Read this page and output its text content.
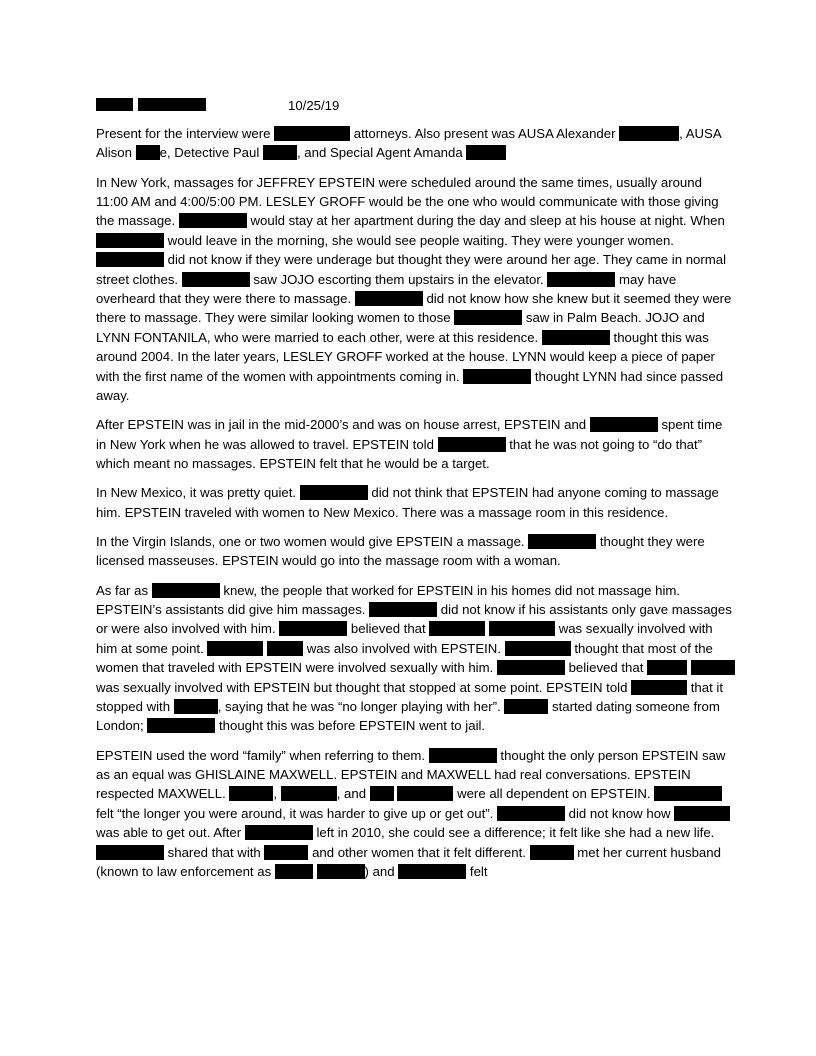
10/25/19

Present for the interview were	attorneys. Also present was AUSA Alexander	, AUSA Alison e, Detective Paul	, and Special Agent Amanda

In New York, massages for JEFFREY EPSTEIN were scheduled around the same times, usually around 11:00 AM and 4:00/5:00 PM. LESLEY GROFF would be the one who would communicate with those giving the massage.	would stay at her apartment during the day and sleep at his house at night. When  would leave in the morning, she would see people waiting. They were younger women.  did not know if they were underage but thought they were around her age. They came in normal street clothes.	saw JOJO escorting them upstairs in the elevator.	may have overheard that they were there to massage.	did not know how she knew but it seemed they were there to massage. They were similar looking women to those	saw in Palm Beach. JOJO and LYNN FONTANILA, who were married to each other, were at this residence.	thought this was around 2004. In the later years, LESLEY GROFF worked at the house. LYNN would keep a piece of paper with the first name of the women with appointments coming in.	thought LYNN had since passed away.

After EPSTEIN was in jail in the mid-2000’s and was on house arrest, EPSTEIN and	spent time in New York when he was allowed to travel. EPSTEIN told	that he was not going to “do that” which meant no massages. EPSTEIN felt that he would be a target.

In New Mexico, it was pretty quiet.	did not think that EPSTEIN had anyone coming to massage him. EPSTEIN traveled with women to New Mexico. There was a massage room in this residence.

In the Virgin Islands, one or two women would give EPSTEIN a massage.	thought they were licensed masseuses. EPSTEIN would go into the massage room with a woman.

As far as	knew, the people that worked for EPSTEIN in his homes did not massage him. EPSTEIN’s assistants did give him massages.	did not know if his assistants only gave massages or were also involved with him.	believed that	was sexually involved with him at some point.	was also involved with EPSTEIN.	thought that most of the women that traveled with EPSTEIN were involved sexually with him.	believed that   was sexually involved with EPSTEIN but thought that stopped at some point. EPSTEIN told	that it stopped with	, saying that he was “no longer playing with her”.	started dating someone from London;	thought this was before EPSTEIN went to jail.

EPSTEIN used the word “family” when referring to them.	thought the only person EPSTEIN saw as an equal was GHISLAINE MAXWELL. EPSTEIN and MAXWELL had real conversations. EPSTEIN respected MAXWELL.	,	, and	were all dependent on EPSTEIN.  felt “the longer you were around, it was harder to give up or get out”.	did not know how  was able to get out. After	left in 2010, she could see a difference; it felt like she had a new life.  shared that with	and other women that it felt different.	met her current husband (known to law enforcement as	) and	felt
